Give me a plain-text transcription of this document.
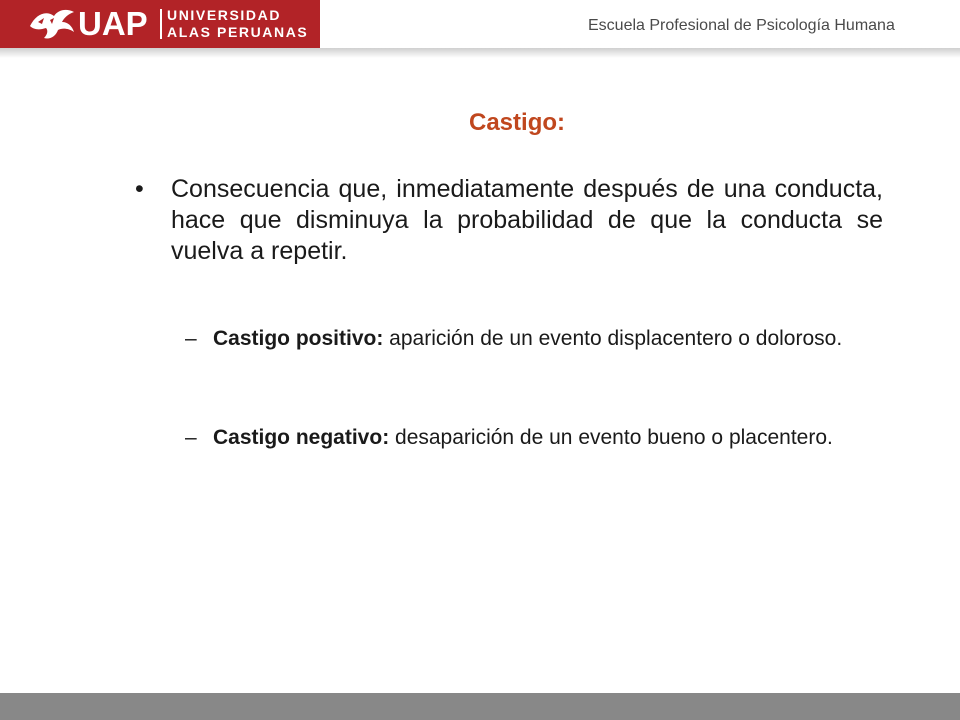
UAP UNIVERSIDAD
ALAS PERUANAS	Escuela Profesional de Psicología Humana
Castigo:
• Consecuencia que, inmediatamente después de una conducta, hace que disminuya la probabilidad de que la conducta se vuelva a repetir.
– Castigo positivo: aparición de un evento displacentero o doloroso.
– Castigo negativo: desaparición de un evento bueno o placentero.
